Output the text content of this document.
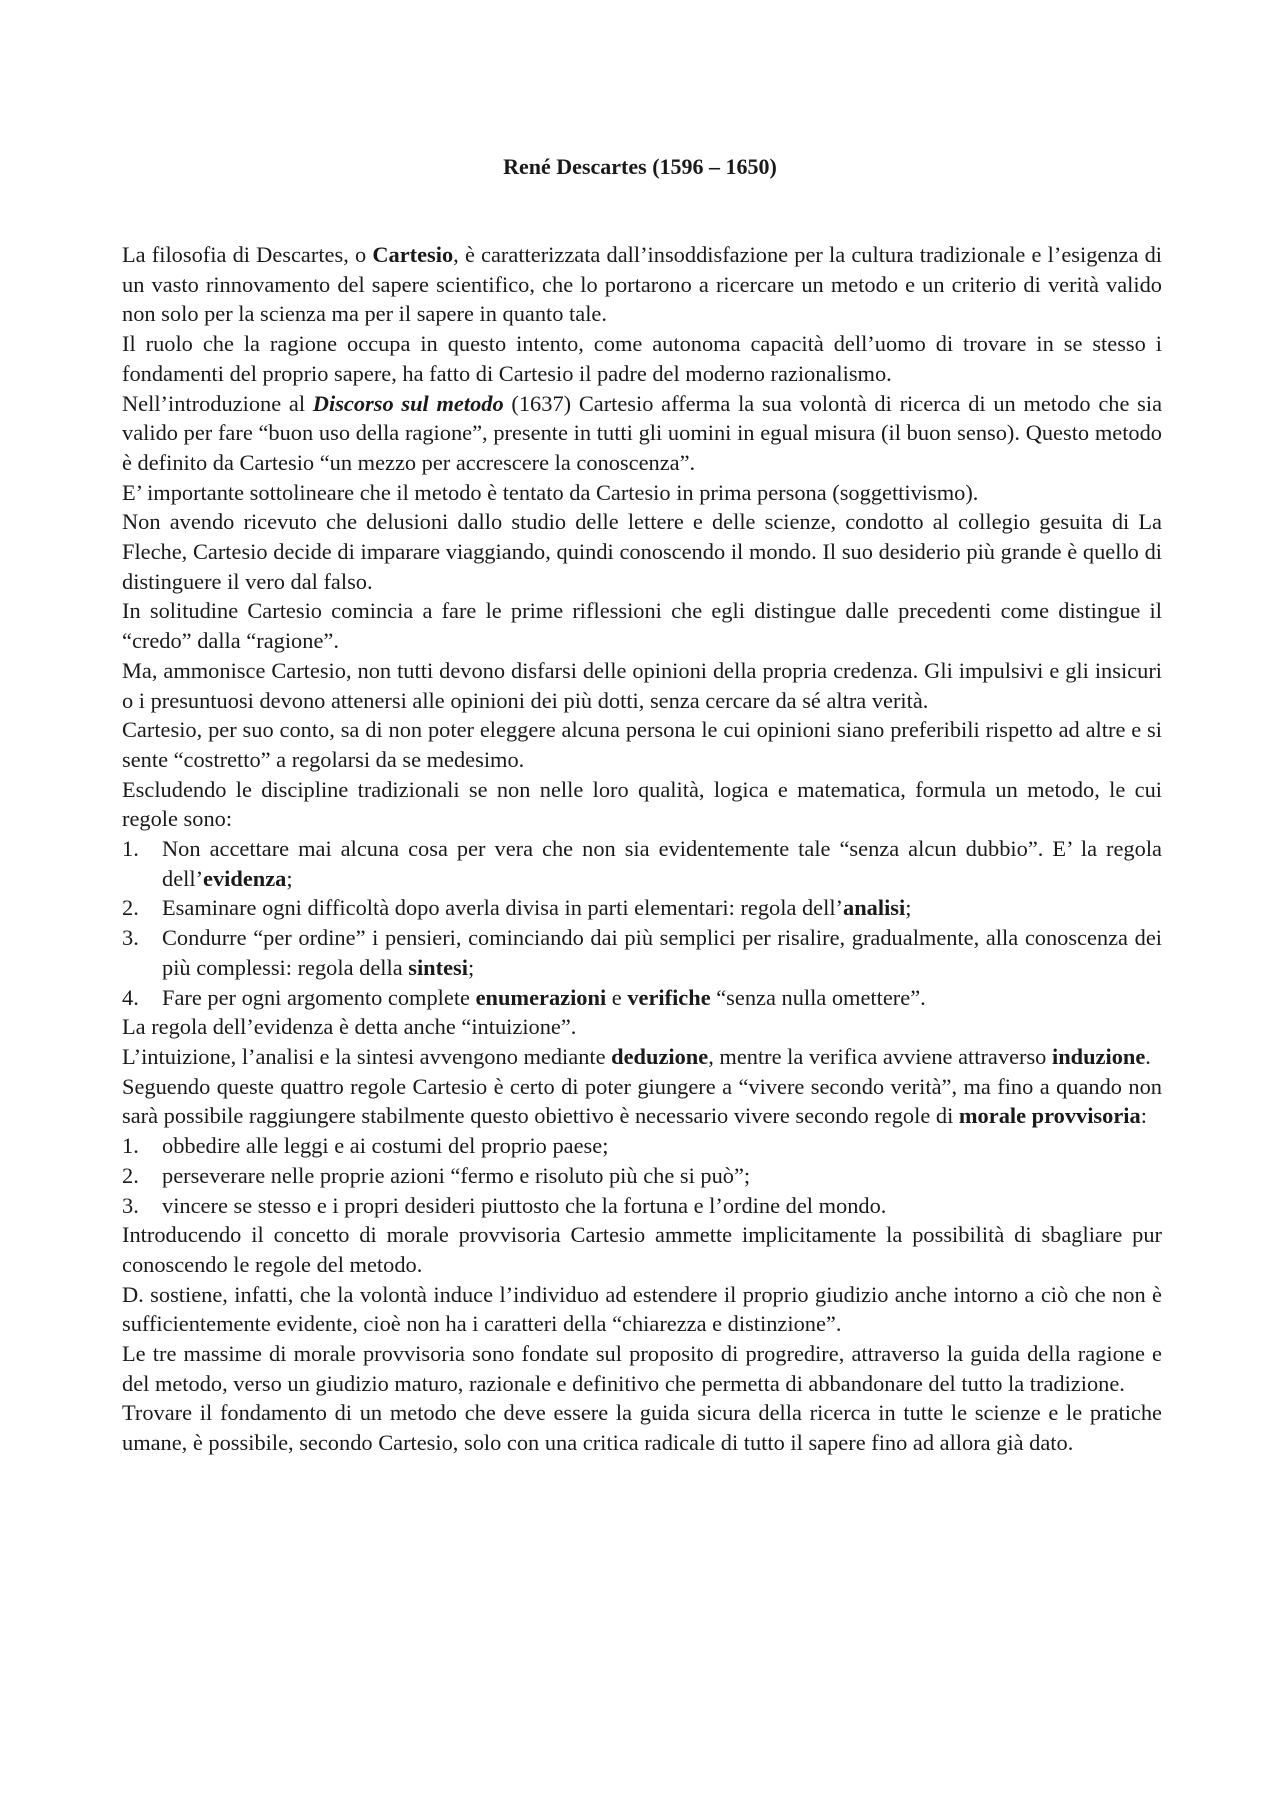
René Descartes (1596 – 1650)

La filosofia di Descartes, o Cartesio, è caratterizzata dall’insoddisfazione per la cultura tradizionale e l’esigenza di un vasto rinnovamento del sapere scientifico, che lo portarono a ricercare un metodo e un criterio di verità valido non solo per la scienza ma per il sapere in quanto tale.

Il ruolo che la ragione occupa in questo intento, come autonoma capacità dell’uomo di trovare in se stesso i fondamenti del proprio sapere, ha fatto di Cartesio il padre del moderno razionalismo.

Nell’introduzione al Discorso sul metodo (1637) Cartesio afferma la sua volontà di ricerca di un metodo che sia valido per fare “buon uso della ragione”, presente in tutti gli uomini in egual misura (il buon senso). Questo metodo è definito da Cartesio “un mezzo per accrescere la conoscenza”.

E’ importante sottolineare che il metodo è tentato da Cartesio in prima persona (soggettivismo).

Non avendo ricevuto che delusioni dallo studio delle lettere e delle scienze, condotto al collegio gesuita di La Fleche, Cartesio decide di imparare viaggiando, quindi conoscendo il mondo. Il suo desiderio più grande è quello di distinguere il vero dal falso.

In solitudine Cartesio comincia a fare le prime riflessioni che egli distingue dalle precedenti come distingue il “credo” dalla “ragione”.

Ma, ammonisce Cartesio, non tutti devono disfarsi delle opinioni della propria credenza. Gli impulsivi e gli insicuri o i presuntuosi devono attenersi alle opinioni dei più dotti, senza cercare da sé altra verità.

Cartesio, per suo conto, sa di non poter eleggere alcuna persona le cui opinioni siano preferibili rispetto ad altre e si sente “costretto” a regolarsi da se medesimo.

Escludendo le discipline tradizionali se non nelle loro qualità, logica e matematica, formula un metodo, le cui regole sono:

1.	Non accettare mai alcuna cosa per vera che non sia evidentemente tale “senza alcun dubbio”. E’ la regola dell’evidenza;
2.	Esaminare ogni difficoltà dopo averla divisa in parti elementari: regola dell’analisi;
3.	Condurre “per ordine” i pensieri, cominciando dai più semplici per risalire, gradualmente, alla conoscenza dei più complessi: regola della sintesi;
4.	Fare per ogni argomento complete enumerazioni e verifiche “senza nulla omettere”.

La regola dell’evidenza è detta anche “intuizione”.

L’intuizione, l’analisi e la sintesi avvengono mediante deduzione, mentre la verifica avviene attraverso induzione.

Seguendo queste quattro regole Cartesio è certo di poter giungere a “vivere secondo verità”, ma fino a quando non sarà possibile raggiungere stabilmente questo obiettivo è necessario vivere secondo regole di morale provvisoria:

1.	obbedire alle leggi e ai costumi del proprio paese;
2.	perseverare nelle proprie azioni “fermo e risoluto più che si può”;
3.	vincere se stesso e i propri desideri piuttosto che la fortuna e l’ordine del mondo.

Introducendo il concetto di morale provvisoria Cartesio ammette implicitamente la possibilità di sbagliare pur conoscendo le regole del metodo.

D. sostiene, infatti, che la volontà induce l’individuo ad estendere il proprio giudizio anche intorno a ciò che non è sufficientemente evidente, cioè non ha i caratteri della “chiarezza e distinzione”.

Le tre massime di morale provvisoria sono fondate sul proposito di progredire, attraverso la guida della ragione e del metodo, verso un giudizio maturo, razionale e definitivo che permetta di abbandonare del tutto la tradizione.

Trovare il fondamento di un metodo che deve essere la guida sicura della ricerca in tutte le scienze e le pratiche umane, è possibile, secondo Cartesio, solo con una critica radicale di tutto il sapere fino ad allora già dato.
